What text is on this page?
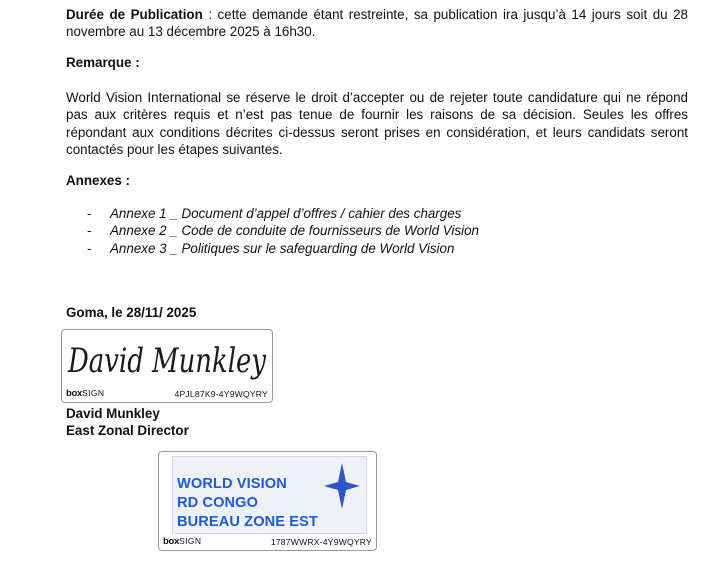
Durée de Publication : cette demande étant restreinte, sa publication ira jusqu’à 14 jours soit du 28 novembre au 13 décembre 2025 à 16h30.

Remarque :

World Vision International se réserve le droit d’accepter ou de rejeter toute candidature qui ne répond pas aux critères requis et n’est pas tenue de fournir les raisons de sa décision. Seules les offres répondant aux conditions décrites ci-dessus seront prises en considération, et leurs candidats seront contactés pour les étapes suivantes.

Annexes :

- Annexe 1 _ Document d’appel d’offres / cahier des charges
- Annexe 2 _ Code de conduite de fournisseurs de World Vision
- Annexe 3 _ Politiques sur le safeguarding de World Vision

Goma, le 28/11/ 2025

David Munkley
boxSIGN	4PJL87K9-4Y9WQYRY

David Munkley

East Zonal Director

WORLD VISION
RD CONGO
BUREAU ZONE EST
boxSIGN	1787WWRX-4Y9WQYRY
